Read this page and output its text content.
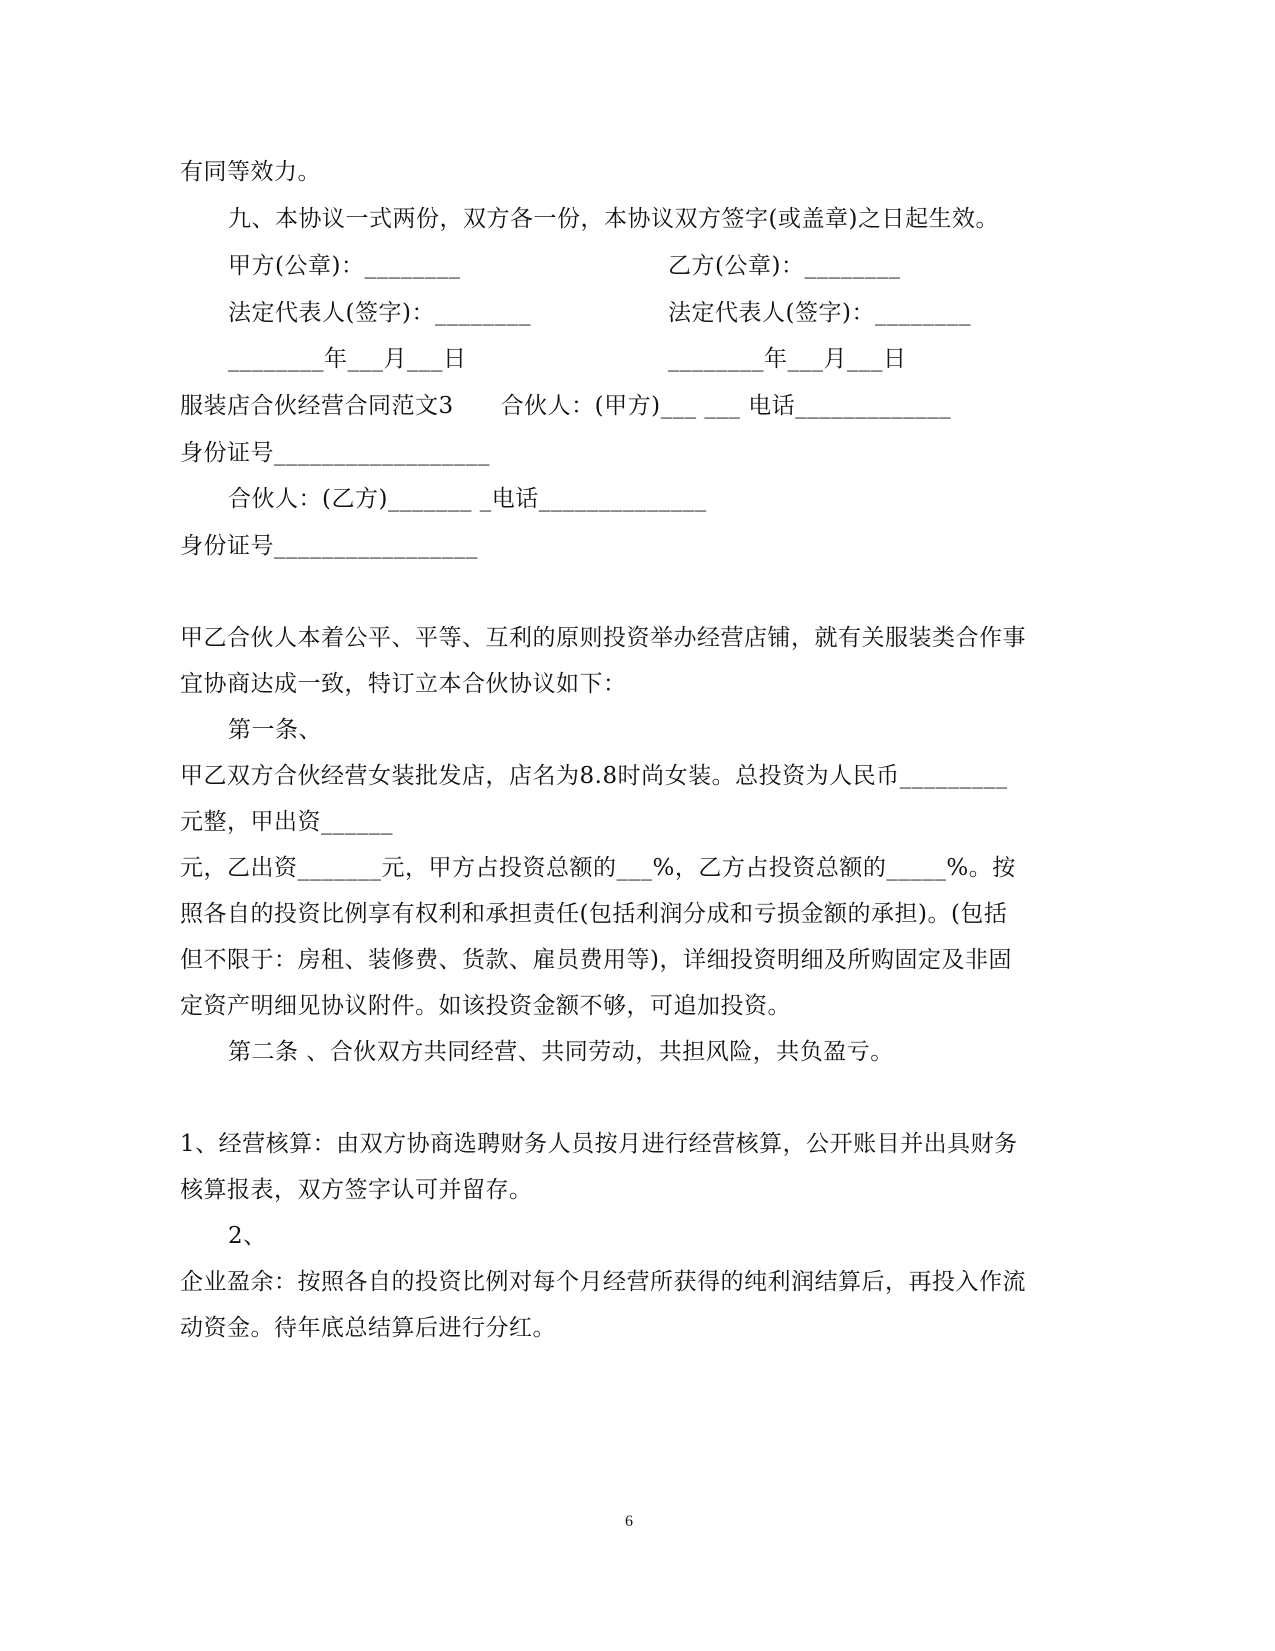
有同等效力。
九、本协议一式两份，双方各一份，本协议双方签字(或盖章)之日起生效。
甲方(公章)：________	乙方(公章)：________
法定代表人(签字)：________	法定代表人(签字)：________
________年___月___日	________年___月___日
服装店合伙经营合同范文3　　合伙人：(甲方)___ ___ 电话_____________
身份证号__________________
合伙人：(乙方)_______ _电话______________
身份证号_________________
甲乙合伙人本着公平、平等、互利的原则投资举办经营店铺，就有关服装类合作事
宜协商达成一致，特订立本合伙协议如下：
第一条、
甲乙双方合伙经营女装批发店，店名为8.8时尚女装。总投资为人民币_________
元整，甲出资______
元，乙出资_______元，甲方占投资总额的___%，乙方占投资总额的_____%。按
照各自的投资比例享有权利和承担责任(包括利润分成和亏损金额的承担)。(包括
但不限于：房租、装修费、货款、雇员费用等)，详细投资明细及所购固定及非固
定资产明细见协议附件。如该投资金额不够，可追加投资。
第二条 、合伙双方共同经营、共同劳动，共担风险，共负盈亏。
1、经营核算：由双方协商选聘财务人员按月进行经营核算，公开账目并出具财务
核算报表，双方签字认可并留存。
2、
企业盈余：按照各自的投资比例对每个月经营所获得的纯利润结算后，再投入作流
动资金。待年底总结算后进行分红。
6
